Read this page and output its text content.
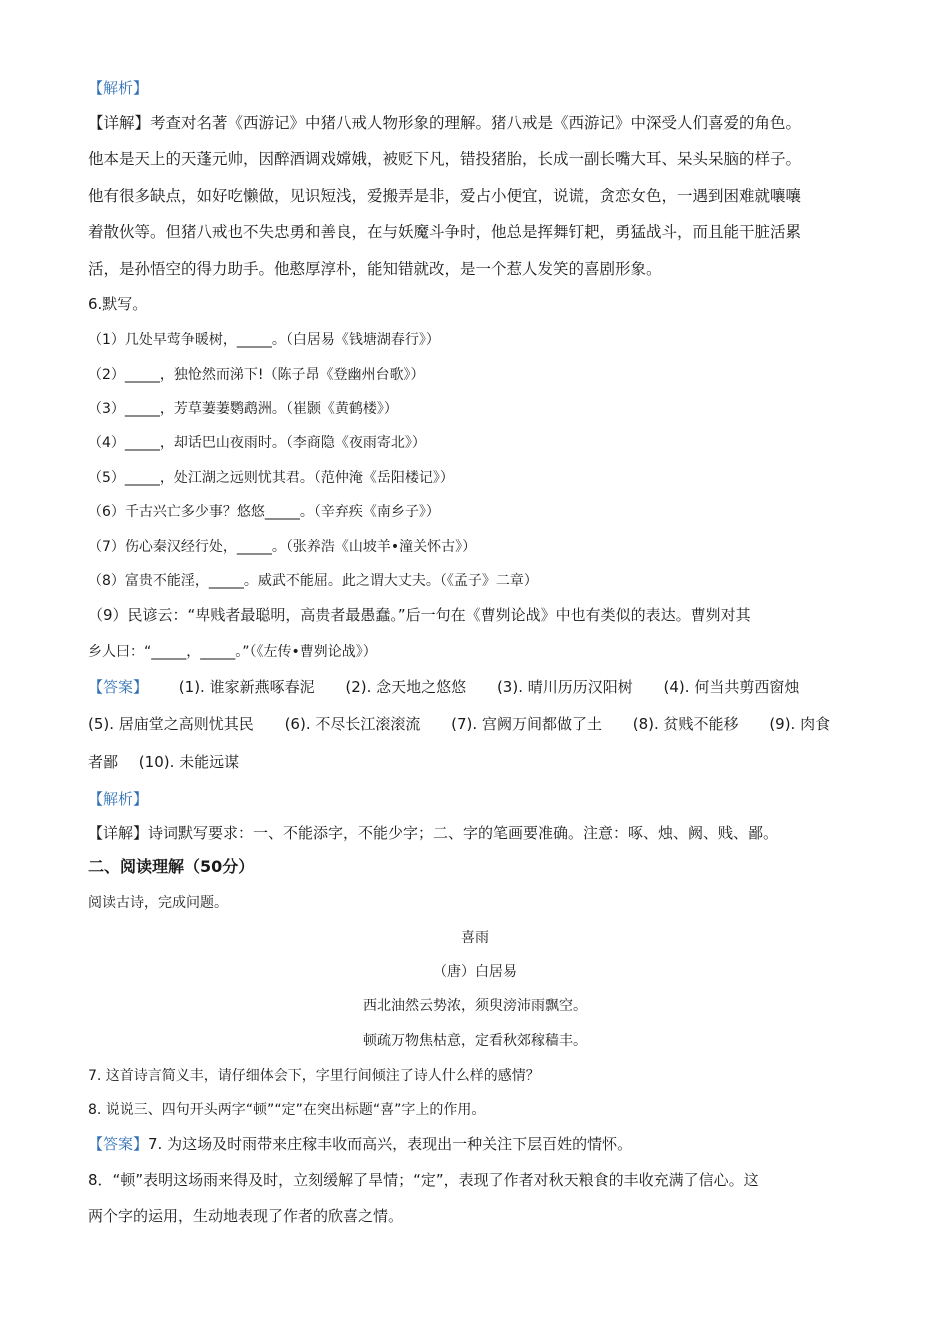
【解析】
【详解】考查对名著《西游记》中猪八戒人物形象的理解。猪八戒是《西游记》中深受人们喜爱的角色。
他本是天上的天蓬元帅，因醉酒调戏嫦娥，被贬下凡，错投猪胎，长成一副长嘴大耳、呆头呆脑的样子。
他有很多缺点，如好吃懒做，见识短浅，爱搬弄是非，爱占小便宜，说谎，贪恋女色，一遇到困难就嚷嚷
着散伙等。但猪八戒也不失忠勇和善良，在与妖魔斗争时，他总是挥舞钉耙，勇猛战斗，而且能干脏活累
活，是孙悟空的得力助手。他憨厚淳朴，能知错就改，是一个惹人发笑的喜剧形象。
6.默写。
（1）几处早莺争暖树，_____。（白居易《钱塘湖春行》）
（2）_____，独怆然而涕下!（陈子昂《登幽州台歌》）
（3）_____，芳草萋萋鹦鹉洲。（崔颢《黄鹤楼》）
（4）_____，却话巴山夜雨时。（李商隐《夜雨寄北》）
（5）_____，处江湖之远则忧其君。（范仲淹《岳阳楼记》）
（6）千古兴亡多少事？悠悠_____。（辛弃疾《南乡子》）
（7）伤心秦汉经行处，_____。（张养浩《山坡羊•潼关怀古》）
（8）富贵不能淫，_____。威武不能屈。此之谓大丈夫。（《孟子》二章）
（9）民谚云：“卑贱者最聪明，高贵者最愚蠢。”后一句在《曹刿论战》中也有类似的表达。曹刿对其
乡人曰：“_____，_____。”（《左传•曹刿论战》）
【答案】 (1). 谁家新燕啄春泥 (2). 念天地之悠悠 (3). 晴川历历汉阳树 (4). 何当共剪西窗烛
(5). 居庙堂之高则忧其民 (6). 不尽长江滚滚流 (7). 宫阙万间都做了土 (8). 贫贱不能移 (9). 肉食
者鄙 (10). 未能远谋
【解析】
【详解】诗词默写要求：一、不能添字，不能少字；二、字的笔画要准确。注意：啄、烛、阙、贱、鄙。
二、阅读理解（50分）
阅读古诗，完成问题。
喜雨
（唐）白居易
西北油然云势浓，须臾滂沛雨飘空。
顿疏万物焦枯意，定看秋郊稼穑丰。
7. 这首诗言简义丰，请仔细体会下，字里行间倾注了诗人什么样的感情？
8. 说说三、四句开头两字“顿”“定”在突出标题“喜”字上的作用。
【答案】7. 为这场及时雨带来庄稼丰收而高兴，表现出一种关注下层百姓的情怀。
8．“顿”表明这场雨来得及时，立刻缓解了旱情；“定”，表现了作者对秋天粮食的丰收充满了信心。这
两个字的运用，生动地表现了作者的欣喜之情。
